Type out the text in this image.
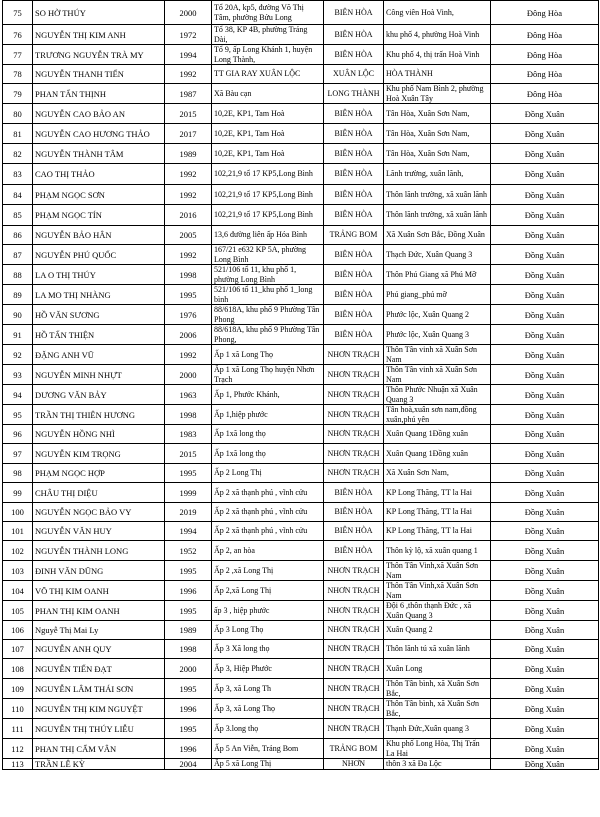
75	SO HỜ THÚY	2000	Tổ 20A, kp5, đường Võ Thị Tâm, phường Bửu Long	BIÊN HÒA	Công viên Hoà Vinh,	Đông Hòa
76	NGUYỄN THỊ KIM ANH	1972	Tổ 38, KP 4B, phường Trảng Dài,	BIÊN HÒA	khu phố 4, phường Hoà Vinh	Đông Hòa
77	TRƯƠNG NGUYỄN TRÀ MY	1994	Tổ 9, ấp Long Khánh 1, huyện Long Thành,	BIÊN HÒA	Khu phố 4, thị trấn Hoà Vinh	Đông Hòa
78	NGUYỄN THANH TIẾN	1992	TT GIA RAY XUÂN LỘC	XUÂN LỘC	HÒA THÀNH	Đông Hòa
79	PHAN TẤN THỊNH	1987	Xã Bàu cạn	LONG THÀNH	Khu phố Nam Bình 2, phường Hoà Xuân Tây	Đông Hòa
80	NGUYỄN CAO BẢO AN	2015	10,2E, KP1, Tam Hoà	BIÊN HÒA	Tân Hòa, Xuân Sơn Nam,	Đồng Xuân
81	NGUYỄN CAO HƯƠNG THẢO	2017	10,2E, KP1, Tam Hoà	BIÊN HÒA	Tân Hòa, Xuân Sơn Nam,	Đồng Xuân
82	NGUYỄN THÀNH TÂM	1989	10,2E, KP1, Tam Hoà	BIÊN HÒA	Tân Hòa, Xuân Sơn Nam,	Đồng Xuân
83	CAO THỊ THẢO	1992	102,21,9 tổ 17 KP5,Long Bình	BIÊN HÒA	Lãnh trường, xuân lãnh,	Đồng Xuân
84	PHẠM NGỌC SƠN	1992	102,21,9 tổ 17 KP5,Long Bình	BIÊN HÒA	Thôn lãnh trường, xã xuân lãnh	Đồng Xuân
85	PHẠM NGỌC TÍN	2016	102,21,9 tổ 17 KP5,Long Bình	BIÊN HÒA	Thôn lãnh trường, xã xuân lãnh	Đồng Xuân
86	NGUYỄN BẢO HÂN	2005	13,6 đường liên ấp Hóa Bình	TRẢNG BOM	Xã Xuân Sơn Bắc, Đồng Xuân	Đồng Xuân
87	NGUYỄN PHÚ QUỐC	1992	167/21 e632 KP 5A, phường Long Bình	BIÊN HÒA	Thạch Đức, Xuân Quang 3	Đồng Xuân
88	LA O THỊ THÚY	1998	521/106 tổ 11, khu phố 1, phường Long Bình	BIÊN HÒA	Thôn Phú Giang xã Phú Mỡ	Đồng Xuân
89	LA MO THỊ NHÀNG	1995	521/106 tổ 11_khu phố 1_long bình	BIÊN HÒA	Phú giang_phú mỡ	Đồng Xuân
90	HỒ VĂN SƯƠNG	1976	88/618A, khu phố 9 Phường Tân Phong	BIÊN HÒA	Phước lộc, Xuân Quang 2	Đồng Xuân
91	HỒ TẤN THIỆN	2006	88/618A, khu phố 9 Phường Tân Phong,	BIÊN HÒA	Phước lộc, Xuân Quang 3	Đồng Xuân
92	ĐẶNG ANH VŨ	1992	Ấp 1 xã Long Thọ	NHƠN TRẠCH	Thôn Tân vinh xã Xuân Sơn Nam	Đồng Xuân
93	NGUYỄN MINH NHỰT	2000	Ấp 1 xã Long Thọ huyện Nhơn Trạch	NHƠN TRẠCH	Thôn Tân vinh xã Xuân Sơn Nam	Đồng Xuân
94	DƯƠNG VĂN BẢY	1963	Ấp 1, Phước Khánh,	NHƠN TRẠCH	Thôn Phước Nhuận xã Xuân Quang 3	Đồng Xuân
95	TRẦN THỊ THIÊN HƯƠNG	1998	Ấp 1,hiệp phước	NHƠN TRẠCH	Tân hoà,xuân sơn nam,đồng xuân,phú yên	Đồng Xuân
96	NGUYỄN HỒNG NHÌ	1983	Ấp 1xã long thọ	NHƠN TRẠCH	Xuân Quang 1Đồng xuân	Đồng Xuân
97	NGUYỄN KIM TRỌNG	2015	Ấp 1xã long thọ	NHƠN TRẠCH	Xuân Quang 1Đồng xuân	Đồng Xuân
98	PHẠM NGỌC HỢP	1995	Ấp 2 Long Thị	NHƠN TRẠCH	Xã Xuân Sơn Nam,	Đồng Xuân
99	CHÂU THỊ DIỆU	1999	Ấp 2 xã thạnh phú , vĩnh cửu	BIÊN HÒA	KP Long Thăng, TT la Hai	Đồng Xuân
100	NGUYỄN NGỌC BẢO VY	2019	Ấp 2 xã thạnh phú , vĩnh cửu	BIÊN HÒA	KP Long Thăng, TT la Hai	Đồng Xuân
101	NGUYỄN VĂN HUY	1994	Ấp 2 xã thạnh phú , vĩnh cửu	BIÊN HÒA	KP Long Thăng, TT la Hai	Đồng Xuân
102	NGUYỄN THÀNH LONG	1952	Ấp 2, an hòa	BIÊN HÒA	Thôn kỳ lộ, xã xuân quang 1	Đồng Xuân
103	ĐINH VĂN DŨNG	1995	Ấp 2 ,xã Long Thị	NHƠN TRẠCH	Thôn Tân Vinh,xã Xuân Sơn Nam	Đồng Xuân
104	VÕ THỊ KIM OANH	1996	Ấp 2,xã Long Thị	NHƠN TRẠCH	Thôn Tân Vinh,xã Xuân Sơn Nam	Đồng Xuân
105	PHAN THỊ KIM OANH	1995	ấp 3 , hiệp phước	NHƠN TRẠCH	Đội 6 ,thôn thạnh Đức , xã Xuân Quang 3	Đồng Xuân
106	Nguyễ Thị Mai Ly	1989	Ấp 3 Long Thọ	NHƠN TRẠCH	Xuân Quang 2	Đồng Xuân
107	NGUYỄN ANH QUY	1998	Ấp 3 Xã long thọ	NHƠN TRẠCH	Thôn lãnh tú xã xuân lãnh	Đồng Xuân
108	NGUYỄN TIẾN ĐẠT	2000	Ấp 3, Hiệp Phước	NHƠN TRẠCH	Xuân Long	Đồng Xuân
109	NGUYỄN LÂM THÁI SƠN	1995	Ấp 3, xã Long Th	NHƠN TRẠCH	Thôn Tân bình, xã Xuân Sơn Bắc,	Đồng Xuân
110	NGUYỄN THỊ KIM NGUYỆT	1996	Ấp 3, xã Long Thọ	NHƠN TRẠCH	Thôn Tân bình, xã Xuân Sơn Bắc,	Đồng Xuân
111	NGUYỄN THỊ THÚY LIỄU	1995	Ấp 3.long thọ	NHƠN TRẠCH	Thạnh Đức,Xuân quang 3	Đồng Xuân
112	PHAN THỊ CẨM VÂN	1996	Ấp 5 An Viễn, Trảng Bom	TRẢNG BOM	Khu phố Long Hòa, Thị Trấn La Hai	Đồng Xuân
113	TRẦN LÊ KỲ	2004	Ấp 5 xã Long Thị	NHƠN	thôn 3 xã Đa Lộc	Đồng Xuân
